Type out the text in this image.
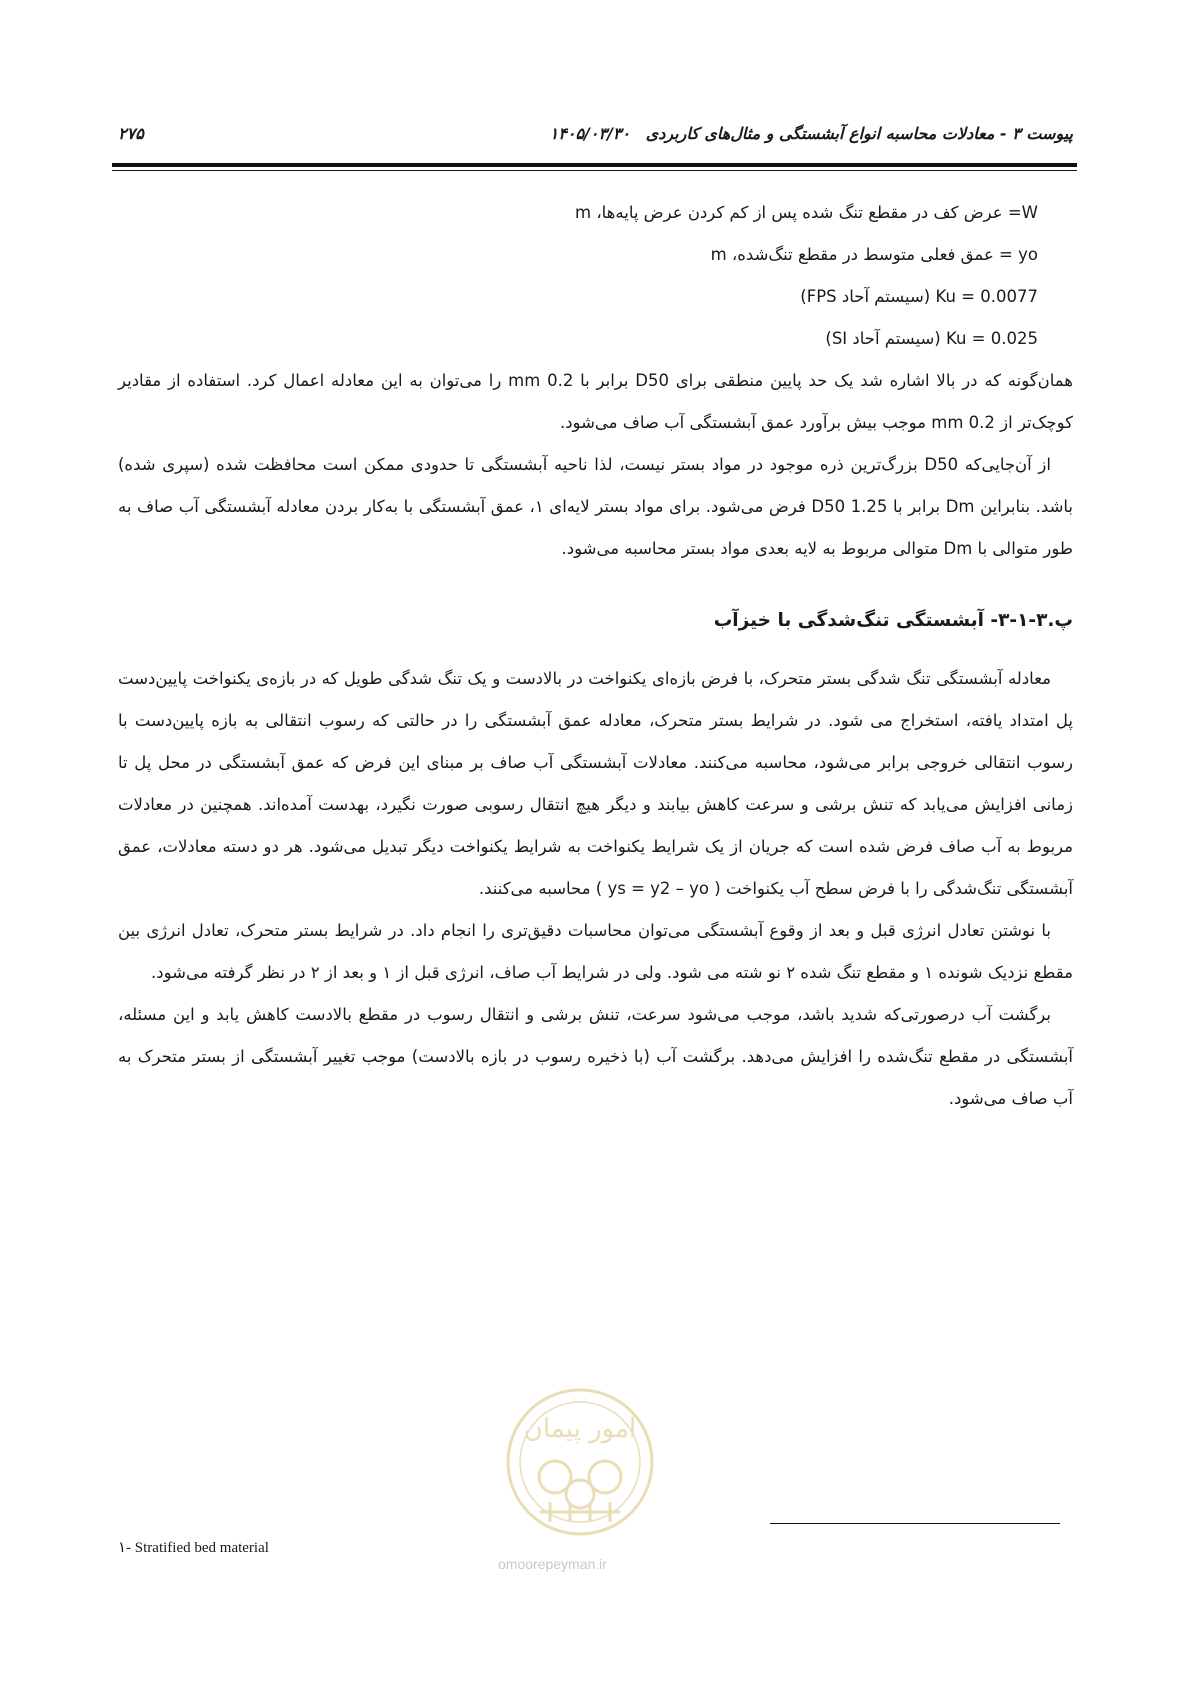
پیوست ۳ - معادلات محاسبه انواع آبشستگی و مثال‌های کاربردی ۱۴۰۵/۰۳/۳۰
۲۷۵
W= عرض کف در مقطع تنگ شده پس از کم کردن عرض پایه‌ها، m
yo = عمق فعلی متوسط در مقطع تنگ‌شده، m
Ku = 0.0077 (سیستم آحاد FPS)
Ku = 0.025 (سیستم آحاد SI)

همان‌گونه که در بالا اشاره شد یک حد پایین منطقی برای D50 برابر با 0.2 mm را می‌توان به این معادله اعمال کرد. استفاده از مقادیر کوچک‌تر از 0.2 mm موجب بیش برآورد عمق آبشستگی آب صاف می‌شود.

از آن‌جایی‌که D50 بزرگ‌ترین ذره موجود در مواد بستر نیست، لذا ناحیه آبشستگی تا حدودی ممکن است محافظت شده (سپری شده) باشد. بنابراین Dm برابر با 1.25 D50 فرض می‌شود. برای مواد بستر لایه‌ای ۱، عمق آبشستگی با به‌کار بردن معادله آبشستگی آب صاف به طور متوالی با Dm متوالی مربوط به لایه بعدی مواد بستر محاسبه می‌شود.

پ.۳-۱-۳- آبشستگی تنگ‌شدگی با خیزآب

معادله آبشستگی تنگ شدگی بستر متحرک، با فرض بازه‌ای یکنواخت در بالادست و یک تنگ شدگی طویل که در بازه‌ی یکنواخت پایین‌دست پل امتداد یافته، استخراج می شود. در شرایط بستر متحرک، معادله عمق آبشستگی را در حالتی که رسوب انتقالی به بازه پایین‌دست با رسوب انتقالی خروجی برابر می‌شود، محاسبه می‌کنند. معادلات آبشستگی آب صاف بر مبنای این فرض که عمق آبشستگی در محل پل تا زمانی افزایش می‌یابد که تنش برشی و سرعت کاهش بیابند و دیگر هیچ انتقال رسوبی صورت نگیرد، بهدست آمده‌اند. همچنین در معادلات مربوط به آب صاف فرض شده است که جریان از یک شرایط یکنواخت به شرایط یکنواخت دیگر تبدیل می‌شود. هر دو دسته معادلات، عمق آبشستگی تنگ‌شدگی را با فرض سطح آب یکنواخت ( ys = y2 – yo ) محاسبه می‌کنند.

با نوشتن تعادل انرژی قبل و بعد از وقوع آبشستگی می‌توان محاسبات دقیق‌تری را انجام داد. در شرایط بستر متحرک، تعادل انرژی بین مقطع نزدیک شونده ۱ و مقطع تنگ شده ۲ نو شته می شود. ولی در شرایط آب صاف، انرژی قبل از ۱ و بعد از ۲ در نظر گرفته می‌شود.

برگشت آب درصورتی‌که شدید باشد، موجب می‌شود سرعت، تنش برشی و انتقال رسوب در مقطع بالادست کاهش یابد و این مسئله، آبشستگی در مقطع تنگ‌شده را افزایش می‌دهد. برگشت آب (با ذخیره رسوب در بازه بالادست) موجب تغییر آبشستگی از بستر متحرک به آب صاف می‌شود.

امور پیمان
omoorepeyman.ir
۱- Stratified bed material
